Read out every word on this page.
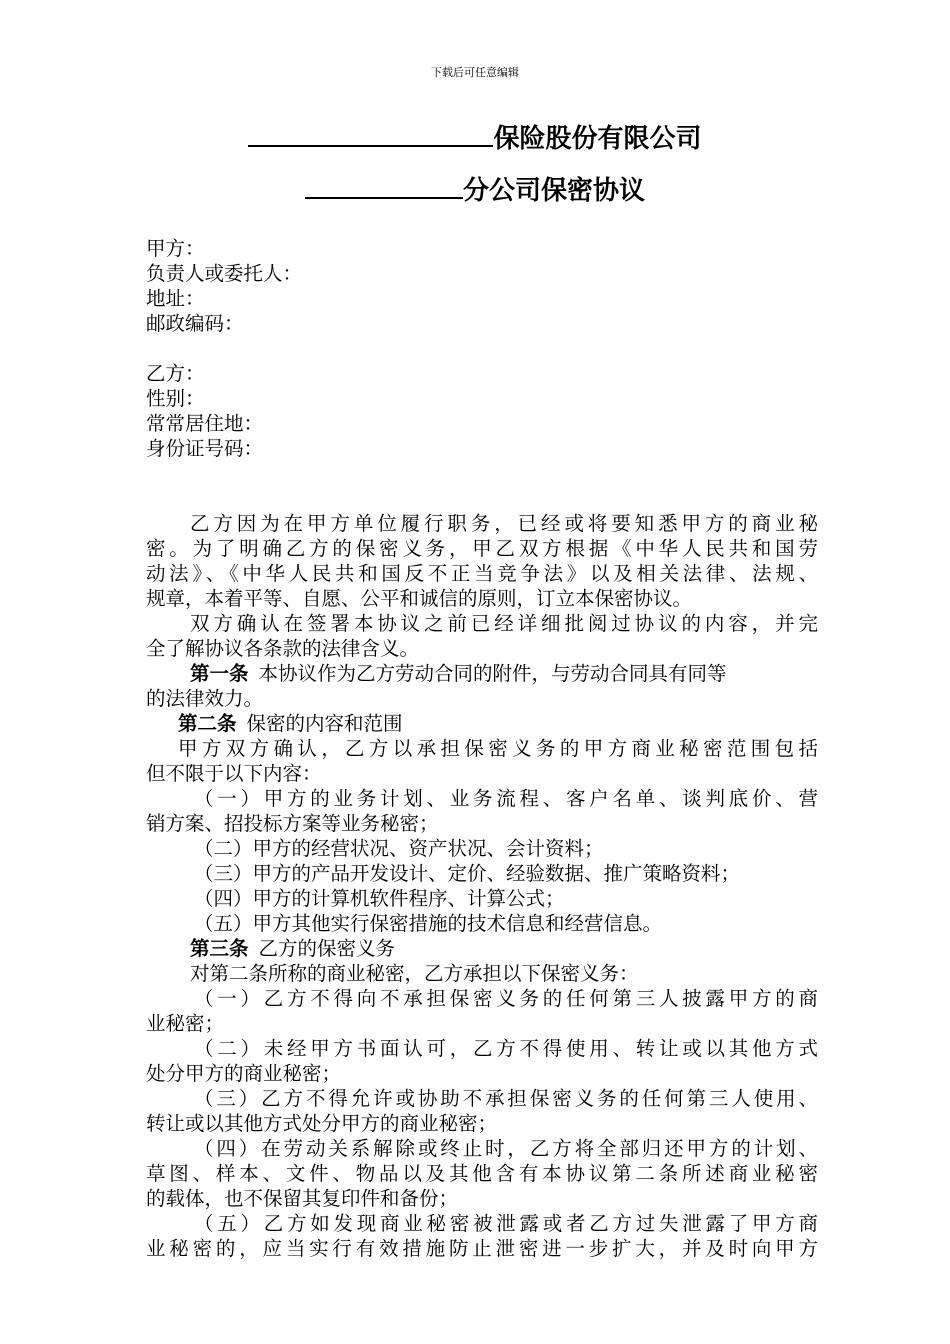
下载后可任意编辑
保险股份有限公司
分公司保密协议
甲方：
负责人或委托人：
地址：
邮政编码：
乙方：
性别：
常常居住地：
身份证号码：
乙方因为在甲方单位履行职务，已经或将要知悉甲方的商业秘
密。为了明确乙方的保密义务，甲乙双方根据《中华人民共和国劳
动法》、《中华人民共和国反不正当竞争法》以及相关法律、法规、
规章，本着平等、自愿、公平和诚信的原则，订立本保密协议。
双方确认在签署本协议之前已经详细批阅过协议的内容，并完
全了解协议各条款的法律含义。
第一条 本协议作为乙方劳动合同的附件，与劳动合同具有同等
的法律效力。
第二条 保密的内容和范围
甲方双方确认，乙方以承担保密义务的甲方商业秘密范围包括
但不限于以下内容：
（一）甲方的业务计划、业务流程、客户名单、谈判底价、营
销方案、招投标方案等业务秘密；
（二）甲方的经营状况、资产状况、会计资料；
（三）甲方的产品开发设计、定价、经验数据、推广策略资料；
（四）甲方的计算机软件程序、计算公式；
（五）甲方其他实行保密措施的技术信息和经营信息。
第三条 乙方的保密义务
对第二条所称的商业秘密，乙方承担以下保密义务：
（一）乙方不得向不承担保密义务的任何第三人披露甲方的商
业秘密；
（二）未经甲方书面认可，乙方不得使用、转让或以其他方式
处分甲方的商业秘密；
（三）乙方不得允许或协助不承担保密义务的任何第三人使用、
转让或以其他方式处分甲方的商业秘密；
（四）在劳动关系解除或终止时，乙方将全部归还甲方的计划、
草图、样本、文件、物品以及其他含有本协议第二条所述商业秘密
的载体，也不保留其复印件和备份；
（五）乙方如发现商业秘密被泄露或者乙方过失泄露了甲方商
业秘密的，应当实行有效措施防止泄密进一步扩大，并及时向甲方
